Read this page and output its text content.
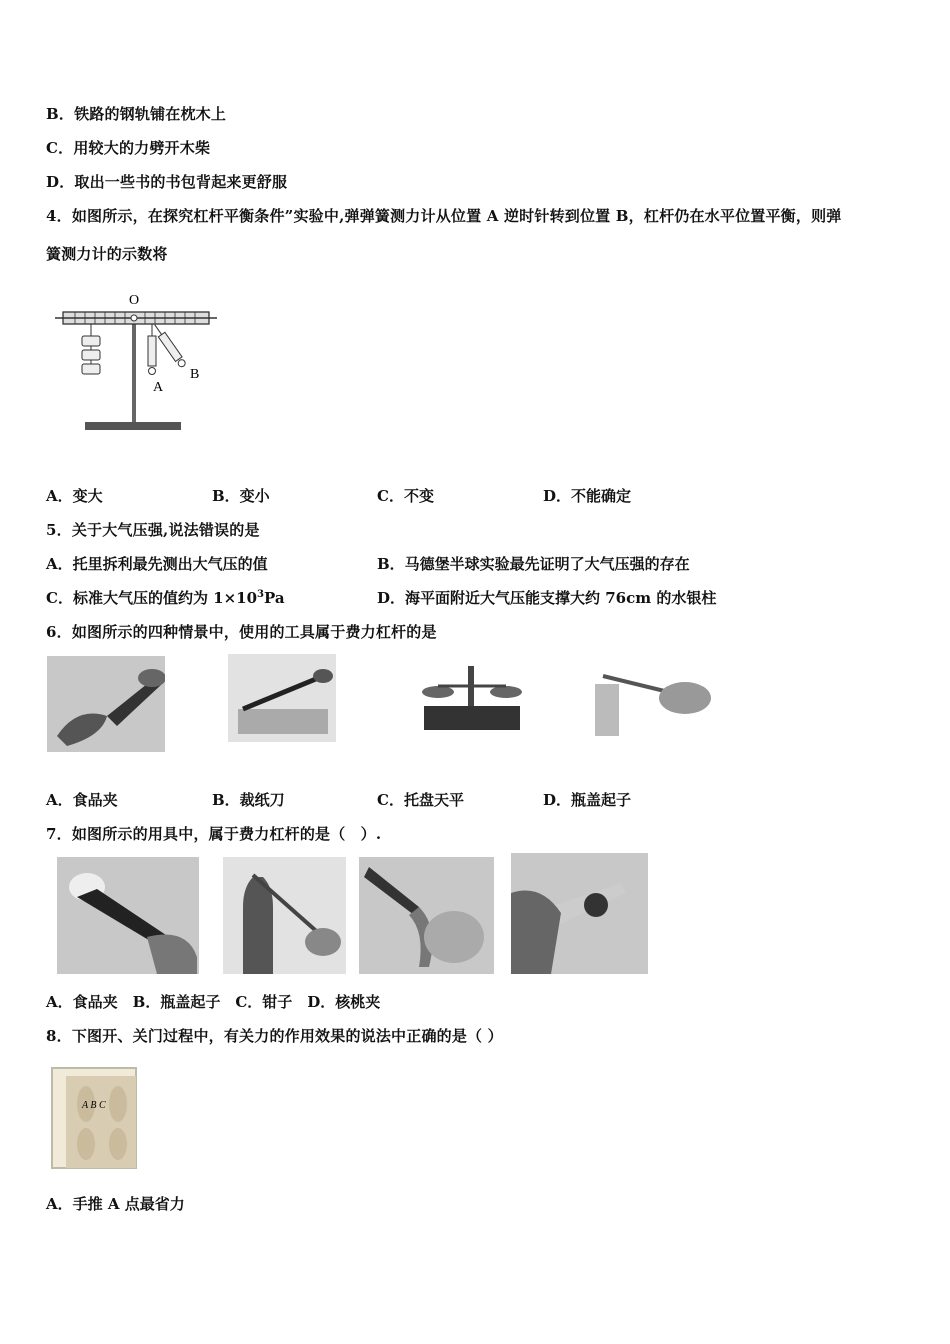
B．铁路的钢轨铺在枕木上
C．用较大的力劈开木柴
D．取出一些书的书包背起来更舒服
4．如图所示，在探究杠杆平衡条件”实验中,弹弹簧测力计从位置 A 逆时针转到位置 B，杠杆仍在水平位置平衡，则弹
簧测力计的示数将
O
A
B
A．变大	B．变小	C．不变	D．不能确定
5．关于大气压强,说法错误的是
A．托里拆利最先测出大气压的值	B．马德堡半球实验最先证明了大气压强的存在
C．标准大气压的值约为 $1\times 10^3Pa$	D．海平面附近大气压能支撑大约 76cm 的水银柱
6．如图所示的四种情景中，使用的工具属于费力杠杆的是
A．食品夹	B．裁纸刀	C．托盘天平	D．瓶盖起子
7．如图所示的用具中，属于费力杠杆的是（　）.
A．食品夹　B．瓶盖起子　C．钳子　D．核桃夹
8．下图开、关门过程中，有关力的作用效果的说法中正确的是（ ）
A B C
A．手推 A 点最省力
